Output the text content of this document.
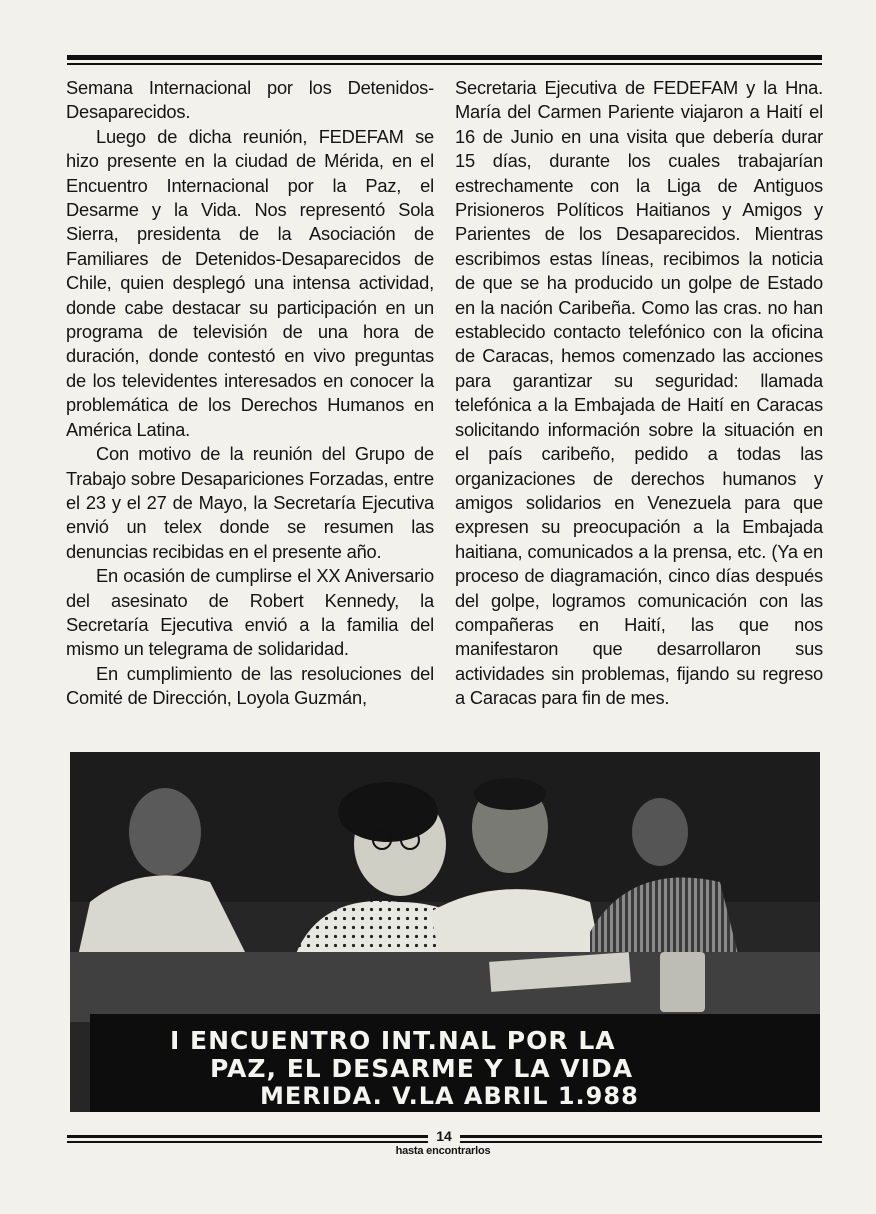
Semana Internacional por los Detenidos-
Desaparecidos.

Luego de dicha reunión, FEDEFAM se hizo presente en la ciudad de Mérida, en el Encuentro Internacional por la Paz, el Desarme y la Vida. Nos representó Sola Sierra, presidenta de la Asociación de Familiares de Detenidos-Desaparecidos de Chile, quien desplegó una intensa actividad, donde cabe destacar su participación en un programa de televisión de una hora de duración, donde contestó en vivo preguntas de los televidentes interesados en conocer la problemática de los Derechos Humanos en América Latina.

Con motivo de la reunión del Grupo de Trabajo sobre Desapariciones Forzadas, entre el 23 y el 27 de Mayo, la Secretaría Ejecutiva envió un telex donde se resumen las denuncias recibidas en el presente año.

En ocasión de cumplirse el XX Aniversario del asesinato de Robert Kennedy, la Secretaría Ejecutiva envió a la familia del mismo un telegrama de solidaridad.

En cumplimiento de las resoluciones del Comité de Dirección, Loyola Guzmán,

Secretaria Ejecutiva de FEDEFAM y la Hna. María del Carmen Pariente viajaron a Haití el 16 de Junio en una visita que debería durar 15 días, durante los cuales trabajarían estrechamente con la Liga de Antiguos Prisioneros Políticos Haitianos y Amigos y Parientes de los Desaparecidos. Mientras escribimos estas líneas, recibimos la noticia de que se ha producido un golpe de Estado en la nación Caribeña. Como las cras. no han establecido contacto telefónico con la oficina de Caracas, hemos comenzado las acciones para garantizar su seguridad: llamada telefónica a la Embajada de Haití en Caracas solicitando información sobre la situación en el país caribeño, pedido a todas las organizaciones de derechos humanos y amigos solidarios en Venezuela para que expresen su preocupación a la Embajada haitiana, comunicados a la prensa, etc. (Ya en proceso de diagramación, cinco días después del golpe, logramos comunicación con las compañeras en Haití, las que nos manifestaron que desarrollaron sus actividades sin problemas, fijando su regreso a Caracas para fin de mes.

I ENCUENTRO INT.NAL POR LA
PAZ, EL DESARME Y LA VIDA
MERIDA. V.LA ABRIL 1.988
14
hasta encontrarlos
